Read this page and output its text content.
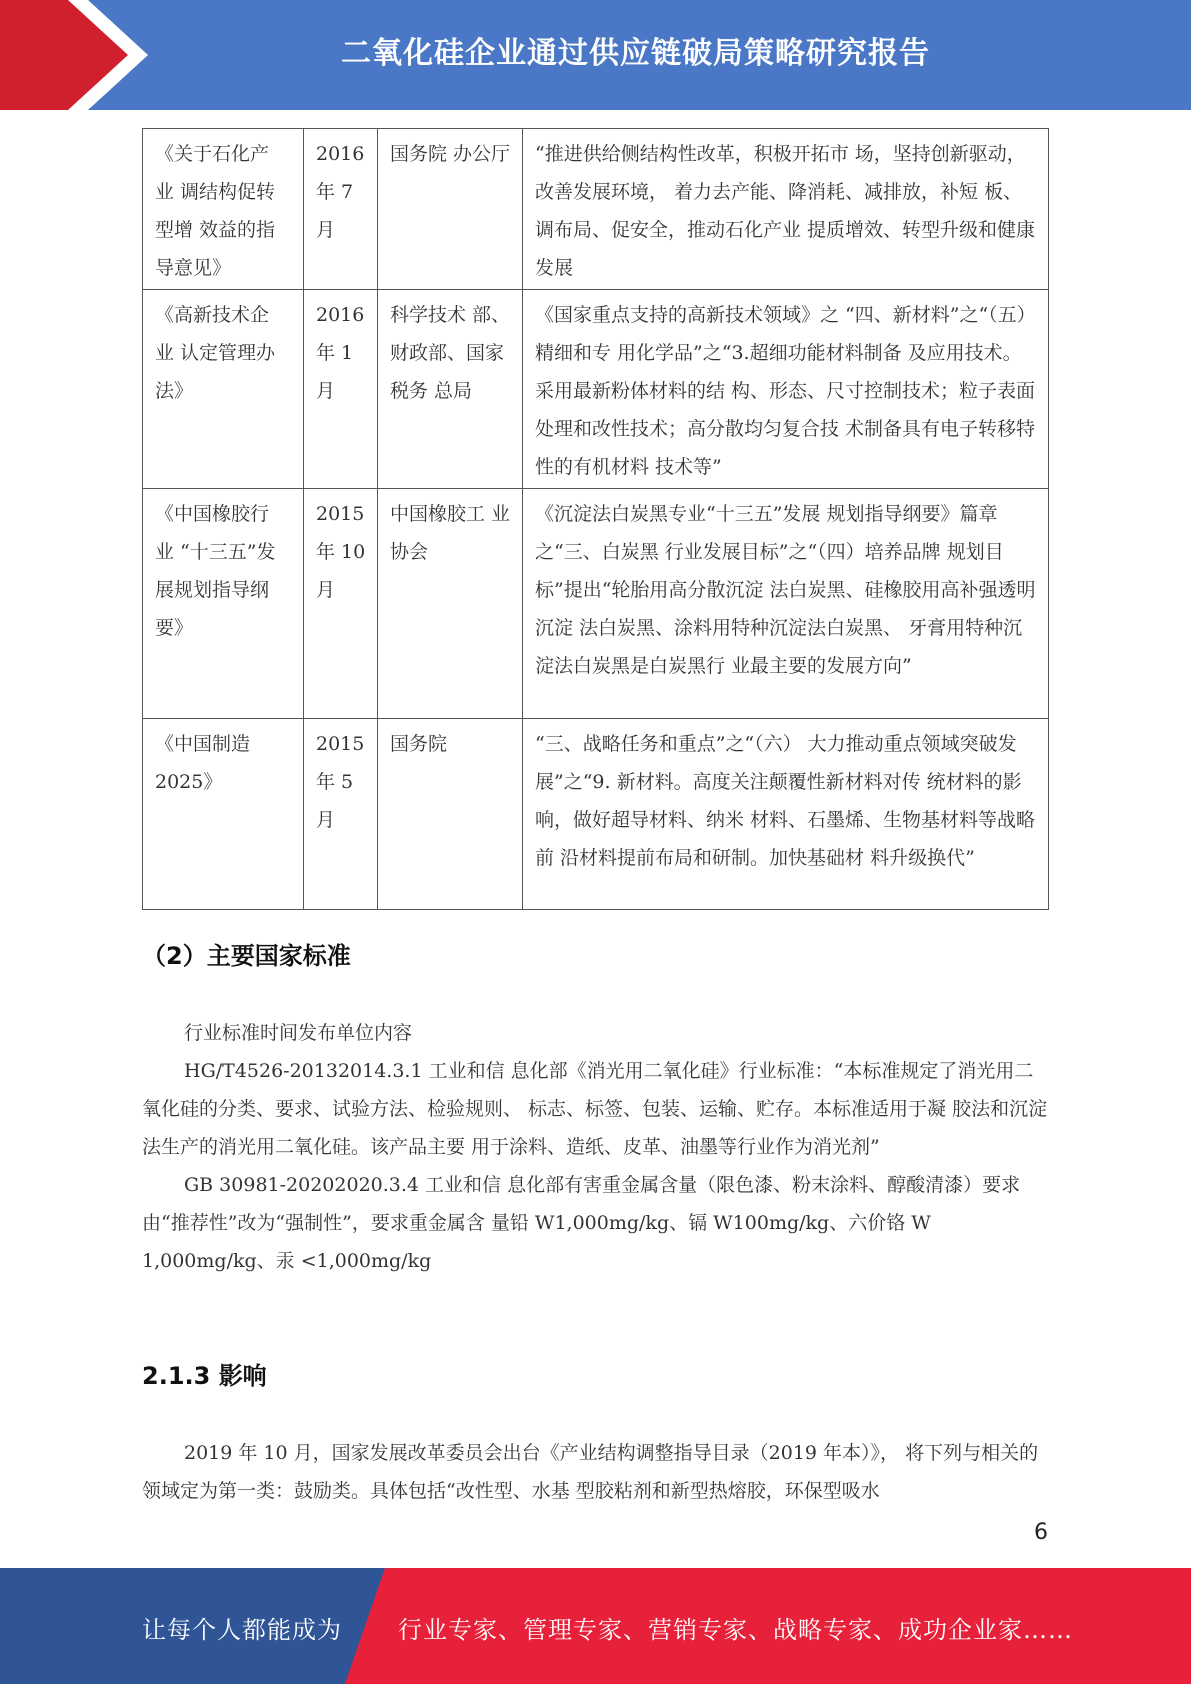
二氧化硅企业通过供应链破局策略研究报告
《关于石化产 业 调结构促转 型增 效益的指导意见》	2016 年 7 月	国务院 办公厅	“推进供给侧结构性改革，积极开拓市 场，坚持创新驱动，改善发展环境， 着力去产能、降消耗、减排放，补短 板、调布局、促安全，推动石化产业 提质增效、转型升级和健康发展
《高新技术企 业 认定管理办法》	2016 年 1 月	科学技术 部、 财政部、国家 税务 总局	《国家重点支持的高新技术领域》之 “四、新材料”之“（五）精细和专 用化学品”之“3.超细功能材料制备 及应用技术。采用最新粉体材料的结 构、形态、尺寸控制技术；粒子表面 处理和改性技术；高分散均匀复合技 术制备具有电子转移特性的有机材料 技术等”
《中国橡胶行 业 “十三五”发展规划指导纲要》	2015 年 10 月	中国橡胶工 业 协会	《沉淀法白炭黑专业“十三五”发展 规划指导纲要》篇章之“三、白炭黑 行业发展目标”之“（四）培养品牌 规划目标”提出“轮胎用高分散沉淀 法白炭黑、硅橡胶用高补强透明沉淀 法白炭黑、涂料用特种沉淀法白炭黑、 牙膏用特种沉淀法白炭黑是白炭黑行 业最主要的发展方向”
《中国制造 2025》	2015 年 5 月	国务院	“三、战略任务和重点”之“（六） 大力推动重点领域突破发展”之“9. 新材料。高度关注颠覆性新材料对传 统材料的影响，做好超导材料、纳米 材料、石墨烯、生物基材料等战略前 沿材料提前布局和研制。加快基础材 料升级换代”
（2）主要国家标准

行业标准时间发布单位内容

HG/T4526-20132014.3.1 工业和信 息化部《消光用二氧化硅》行业标准：“本标准规定了消光用二氧化硅的分类、要求、试验方法、检验规则、 标志、标签、包装、运输、贮存。本标准适用于凝 胶法和沉淀法生产的消光用二氧化硅。该产品主要 用于涂料、造纸、皮革、油墨等行业作为消光剂”

GB 30981-20202020.3.4 工业和信 息化部有害重金属含量（限色漆、粉末涂料、醇酸清漆）要求由“推荐性”改为“强制性”，要求重金属含 量铅 W1,000mg/kg、镉 W100mg/kg、六价铬 W 1,000mg/kg、汞 <1,000mg/kg

2.1.3 影响

2019 年 10 月，国家发展改革委员会出台《产业结构调整指导目录（2019 年本）》， 将下列与相关的领域定为第一类：鼓励类。具体包括“改性型、水基 型胶粘剂和新型热熔胶，环保型吸水

6
让每个人都能成为 行业专家、管理专家、营销专家、战略专家、成功企业家……
